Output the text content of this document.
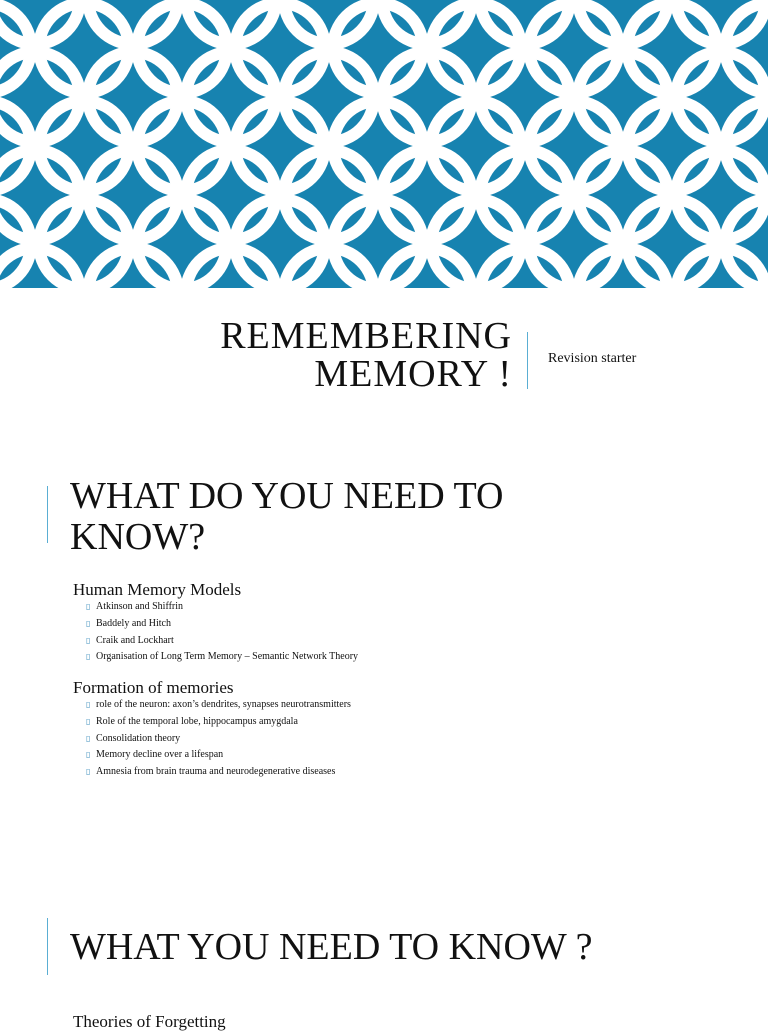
REMEMBERING
MEMORY !	Revision starter
WHAT DO YOU NEED TO
KNOW?
Human Memory Models
▯ Atkinson and Shiffrin
▯ Baddely and Hitch
▯ Craik and Lockhart
▯ Organisation of Long Term Memory – Semantic Network Theory
Formation of memories
▯ role of the neuron: axon’s dendrites, synapses neurotransmitters
▯ Role of the temporal lobe, hippocampus amygdala
▯ Consolidation theory
▯ Memory decline over a lifespan
▯ Amnesia from brain trauma and neurodegenerative diseases
WHAT YOU NEED TO KNOW ?
Theories of Forgetting
